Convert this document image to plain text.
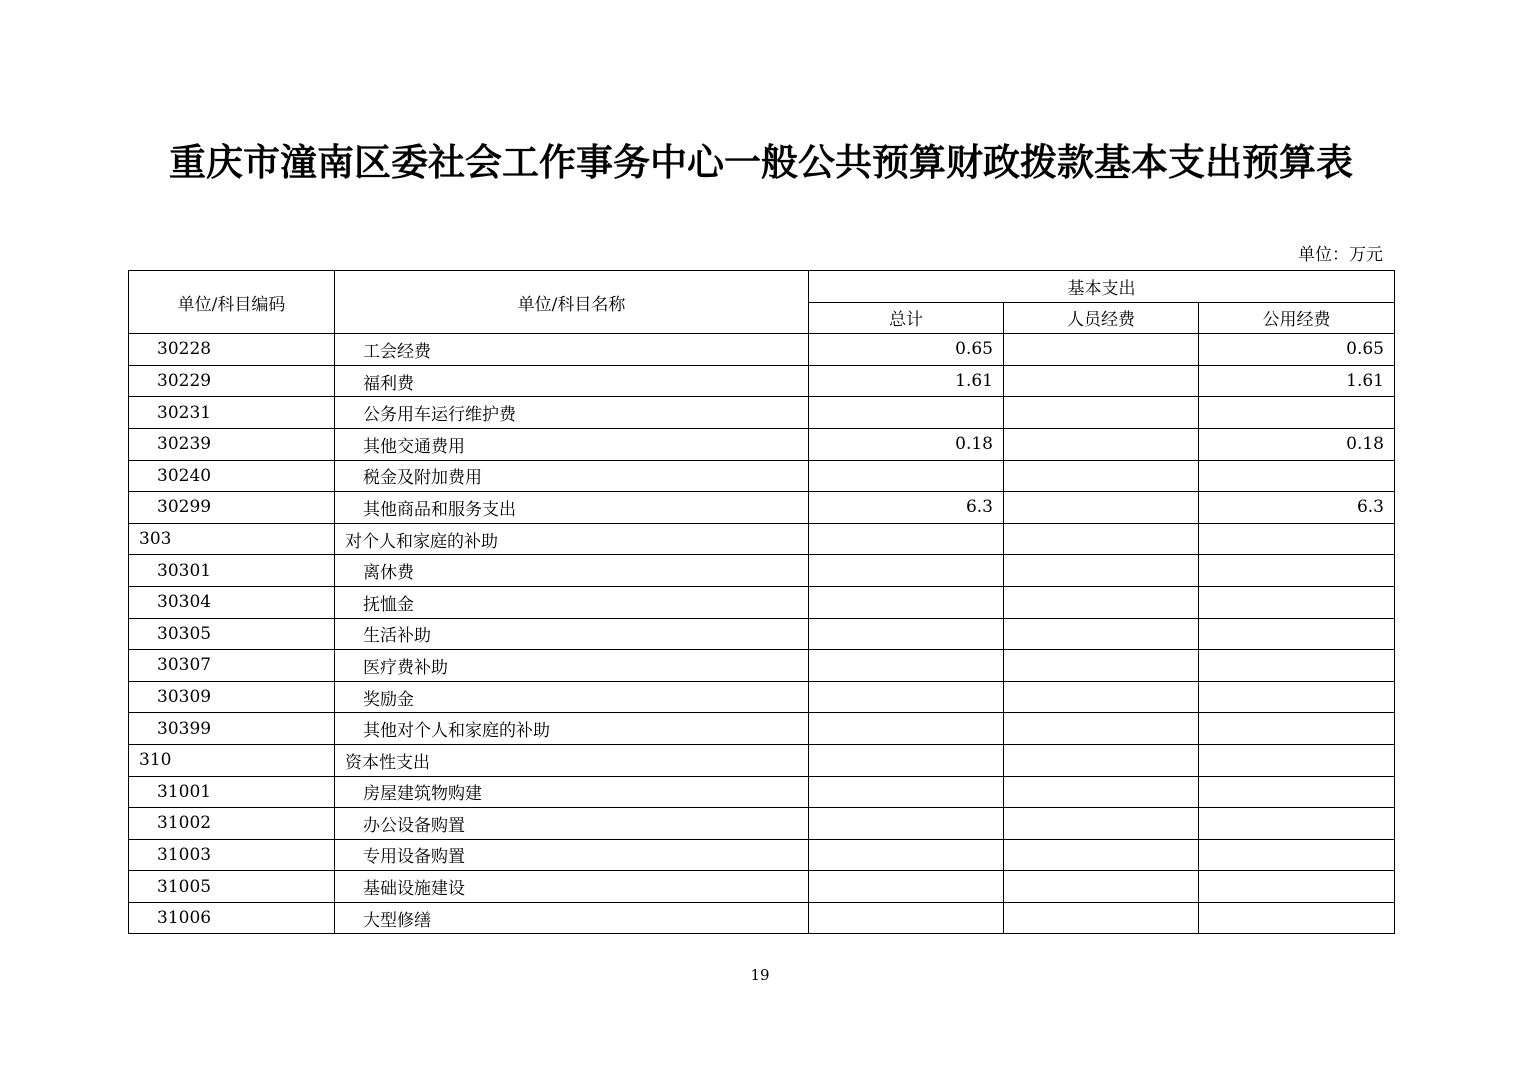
重庆市潼南区委社会工作事务中心一般公共预算财政拨款基本支出预算表
单位：万元
单位/科目编码	单位/科目名称	基本支出		
		总计	人员经费	公用经费
30228	工会经费	0.65		0.65
30229	福利费	1.61		1.61
30231	公务用车运行维护费			
30239	其他交通费用	0.18		0.18
30240	税金及附加费用			
30299	其他商品和服务支出	6.3		6.3
303	对个人和家庭的补助			
30301	离休费			
30304	抚恤金			
30305	生活补助			
30307	医疗费补助			
30309	奖励金			
30399	其他对个人和家庭的补助			
310	资本性支出			
31001	房屋建筑物购建			
31002	办公设备购置			
31003	专用设备购置			
31005	基础设施建设			
31006	大型修缮			
19
